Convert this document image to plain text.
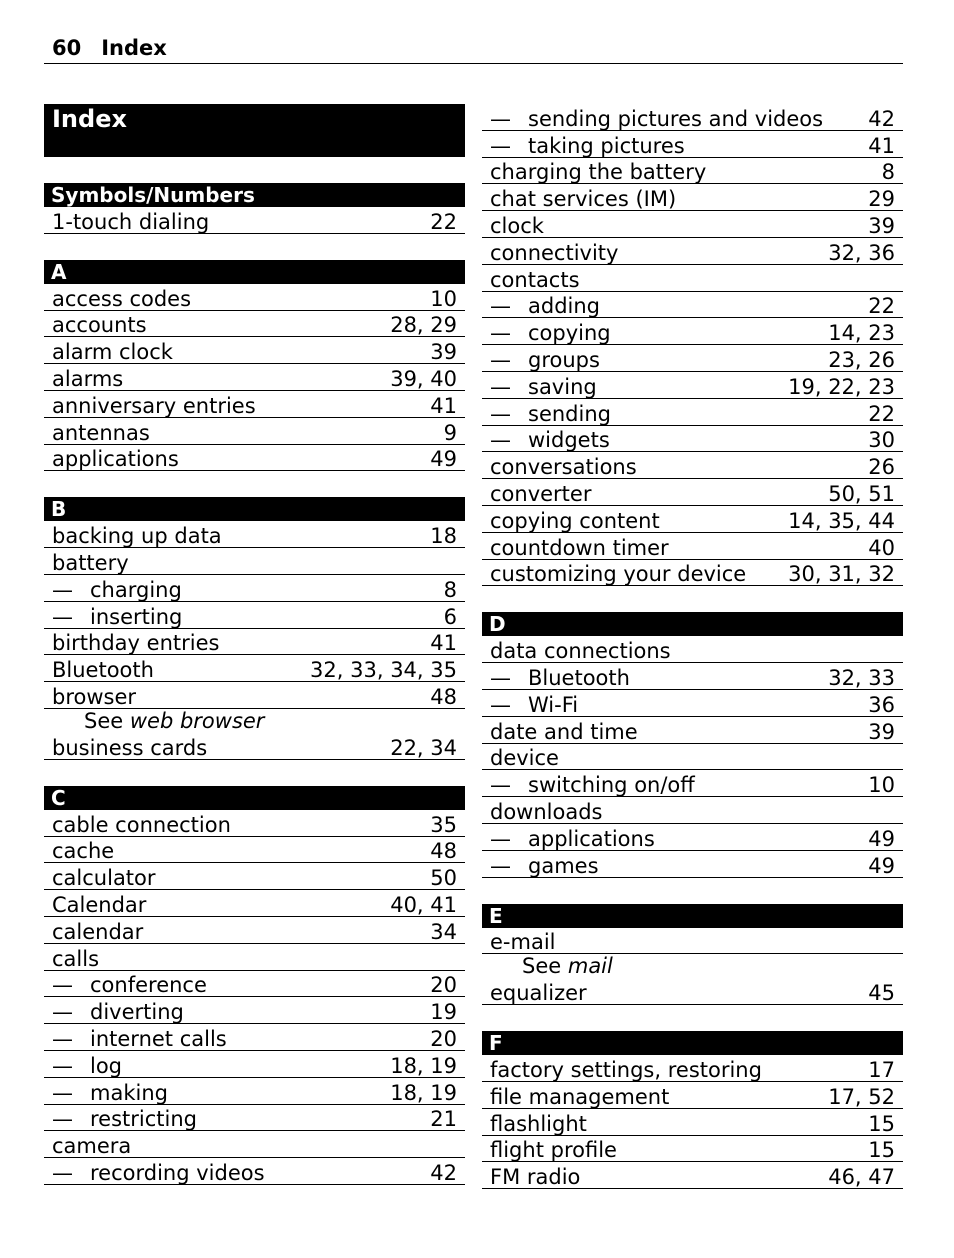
60 Index
Index
Symbols/Numbers
1-touch dialing	22
A
access codes	10
accounts	28, 29
alarm clock	39
alarms	39, 40
anniversary entries	41
antennas	9
applications	49
B
backing up data	18
battery
— charging	8
— inserting	6
birthday entries	41
Bluetooth	32, 33, 34, 35
browser	48
See web browser
business cards	22, 34
C
cable connection	35
cache	48
calculator	50
Calendar	40, 41
calendar	34
calls
— conference	20
— diverting	19
— internet calls	20
— log	18, 19
— making	18, 19
— restricting	21
camera
— recording videos	42
— sending pictures and videos 42
— taking pictures	41
charging the battery	8
chat services (IM)	29
clock	39
connectivity	32, 36
contacts
— adding	22
— copying	14, 23
— groups	23, 26
— saving	19, 22, 23
— sending	22
— widgets	30
conversations	26
converter	50, 51
copying content	14, 35, 44
countdown timer	40
customizing your device 30, 31, 32
D
data connections
— Bluetooth	32, 33
— Wi-Fi	36
date and time	39
device
— switching on/off	10
downloads
— applications	49
— games	49
E
e-mail
See mail
equalizer	45
F
factory settings, restoring	17
file management	17, 52
flashlight	15
flight profile	15
FM radio	46, 47
